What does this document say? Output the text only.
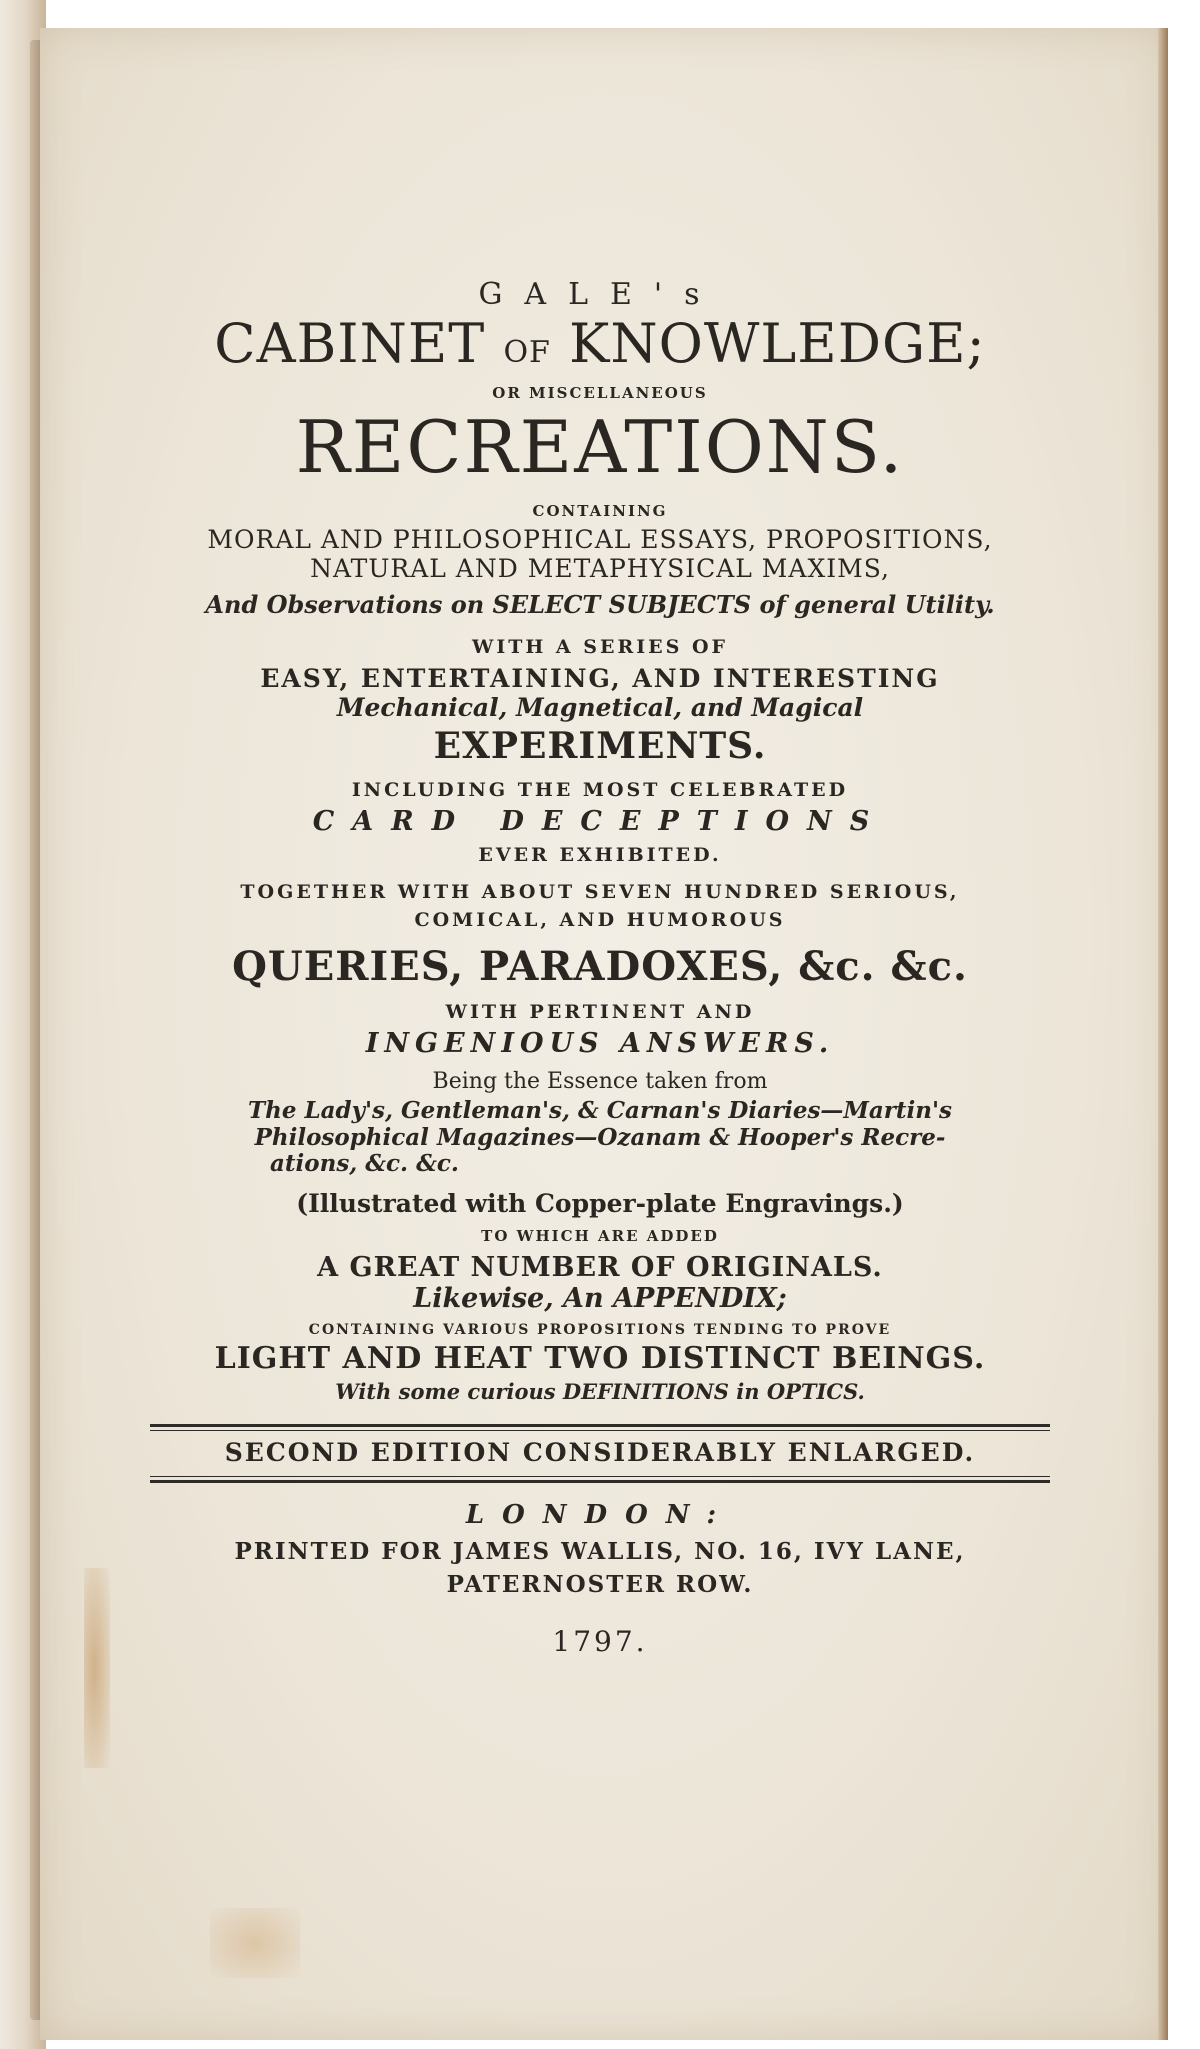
GALE's
CABINET OF KNOWLEDGE;
OR MISCELLANEOUS
RECREATIONS.
CONTAINING
MORAL AND PHILOSOPHICAL ESSAYS, PROPOSITIONS,
NATURAL AND METAPHYSICAL MAXIMS,
And Observations on SELECT SUBJECTS of general Utility.
WITH A SERIES OF
EASY, ENTERTAINING, AND INTERESTING
Mechanical, Magnetical, and Magical
EXPERIMENTS.
INCLUDING THE MOST CELEBRATED
CARD DECEPTIONS
EVER EXHIBITED.
TOGETHER WITH ABOUT SEVEN HUNDRED SERIOUS,
COMICAL, AND HUMOROUS
QUERIES, PARADOXES, &c. &c.
WITH PERTINENT AND
INGENIOUS ANSWERS.
Being the Essence taken from
The Lady's, Gentleman's, & Carnan's Diaries—Martin's
Philosophical Magazines—Ozanam & Hooper's Recre-
ations, &c. &c.
(Illustrated with Copper-plate Engravings.)
TO WHICH ARE ADDED
A GREAT NUMBER OF ORIGINALS.
Likewise, An APPENDIX;
CONTAINING VARIOUS PROPOSITIONS TENDING TO PROVE
LIGHT AND HEAT TWO DISTINCT BEINGS.
With some curious DEFINITIONS in OPTICS.
SECOND EDITION CONSIDERABLY ENLARGED.
LONDON:
PRINTED FOR JAMES WALLIS, NO. 16, IVY LANE,
PATERNOSTER ROW.
1797.
